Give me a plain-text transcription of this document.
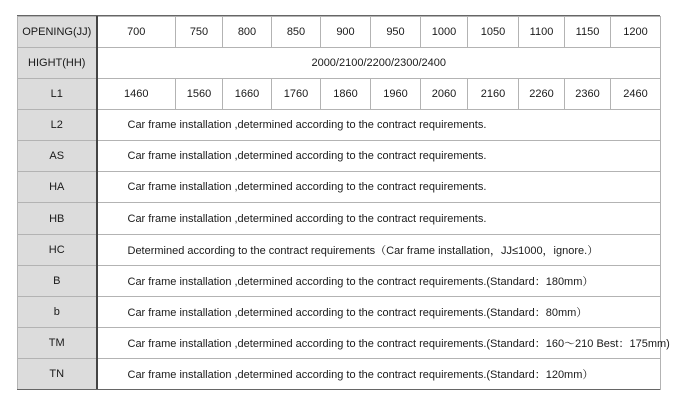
OPENING(JJ)	700	750	800	850	900	950	1000	1050	1100	1150	1200
HIGHT(HH)	2000/2100/2200/2300/2400										
L1	1460	1560	1660	1760	1860	1960	2060	2160	2260	2360	2460
L2	Car frame installation ,determined according to the contract requirements.										
AS	Car frame installation ,determined according to the contract requirements.										
HA	Car frame installation ,determined according to the contract requirements.										
HB	Car frame installation ,determined according to the contract requirements.										
HC	Determined according to the contract requirements（Car frame installation，JJ≤1000，ignore.）										
B	Car frame installation ,determined according to the contract requirements.(Standard：180mm）										
b	Car frame installation ,determined according to the contract requirements.(Standard：80mm）										
TM	Car frame installation ,determined according to the contract requirements.(Standard：160～210 Best：175mm)										
TN	Car frame installation ,determined according to the contract requirements.(Standard：120mm）										
